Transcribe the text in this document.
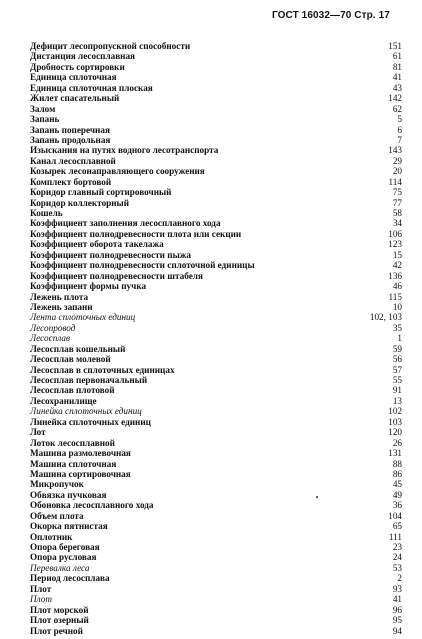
ГОСТ 16032—70 Стр. 17
Дефицит лесопропускной способности	151
Дистанция лесосплавная	61
Дробность сортировки	81
Единица сплоточная	41
Единица сплоточная плоская	43
Жилет спасательный	142
Залом	62
Запань	5
Запань поперечная	6
Запань продольная	7
Изыскания на путях водного лесотранспорта	143
Канал лесосплавной	29
Козырек лесонаправляющего сооружения	20
Комплект бортовой	114
Коридор главный сортировочный	75
Коридор коллекторный	77
Кошель	58
Коэффициент заполнения лесосплавного хода	34
Коэффициент полнодревесности плота или секции	106
Коэффициент оборота такелажа	123
Коэффициент полнодревесности пыжа	15
Коэффициент полнодревесности сплоточной единицы	42
Коэффициент полнодревесности штабеля	136
Коэффициент формы пучка	46
Лежень плота	115
Лежень запани	10
Лента сплоточных единиц	102, 103
Лесопровод	35
Лесосплав	1
Лесосплав кошельный	59
Лесосплав молевой	56
Лесосплав в сплоточных единицах	57
Лесосплав первоначальный	55
Лесосплав плотовой	91
Лесохранилище	13
Линейка сплоточных единиц	102
Линейка сплоточных единиц	103
Лот	120
Лоток лесосплавной	26
Машина размолевочная	131
Машина сплоточная	88
Машина сортировочная	86
Микропучок	45
Обвязка пучковая	49
Обоновка лесосплавного хода	36
Объем плота	104
Окорка пятнистая	65
Оплотник	111
Опора береговая	23
Опора русловая	24
Перевалка леса	53
Период лесосплава	2
Плот	93
Плот	41
Плот морской	96
Плот озерный	95
Плот речной	94
